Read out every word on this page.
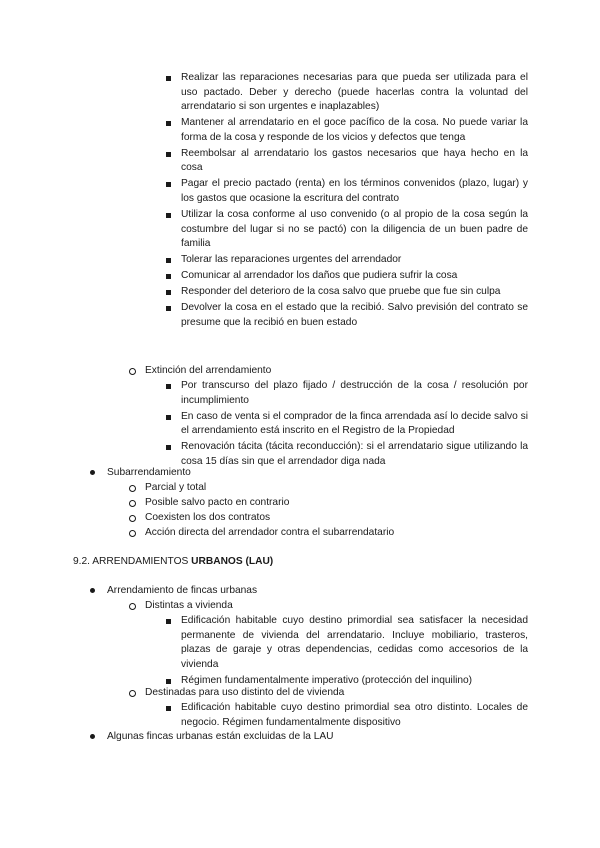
Realizar las reparaciones necesarias para que pueda ser utilizada para el uso pactado. Deber y derecho (puede hacerlas contra la voluntad del arrendatario si son urgentes e inaplazables)
Mantener al arrendatario en el goce pacífico de la cosa. No puede variar la forma de la cosa y responde de los vicios y defectos que tenga
Reembolsar al arrendatario los gastos necesarios que haya hecho en la cosa
Pagar el precio pactado (renta) en los términos convenidos (plazo, lugar) y los gastos que ocasione la escritura del contrato
Utilizar la cosa conforme al uso convenido (o al propio de la cosa según la costumbre del lugar si no se pactó) con la diligencia de un buen padre de familia
Tolerar las reparaciones urgentes del arrendador
Comunicar al arrendador los daños que pudiera sufrir la cosa
Responder del deterioro de la cosa salvo que pruebe que fue sin culpa
Devolver la cosa en el estado que la recibió. Salvo previsión del contrato se presume que la recibió en buen estado
Extinción del arrendamiento
Por transcurso del plazo fijado / destrucción de la cosa / resolución por incumplimiento
En caso de venta si el comprador de la finca arrendada así lo decide salvo si el arrendamiento está inscrito en el Registro de la Propiedad
Renovación tácita (tácita reconducción): si el arrendatario sigue utilizando la cosa 15 días sin que el arrendador diga nada
Subarrendamiento
Parcial y total
Posible salvo pacto en contrario
Coexisten los dos contratos
Acción directa del arrendador contra el subarrendatario
9.2. ARRENDAMIENTOS URBANOS (LAU)
Arrendamiento de fincas urbanas
Distintas a vivienda
Edificación habitable cuyo destino primordial sea satisfacer la necesidad permanente de vivienda del arrendatario. Incluye mobiliario, trasteros, plazas de garaje y otras dependencias, cedidas como accesorios de la vivienda
Régimen fundamentalmente imperativo (protección del inquilino)
Destinadas para uso distinto del de vivienda
Edificación habitable cuyo destino primordial sea otro distinto. Locales de negocio. Régimen fundamentalmente dispositivo
Algunas fincas urbanas están excluidas de la LAU
